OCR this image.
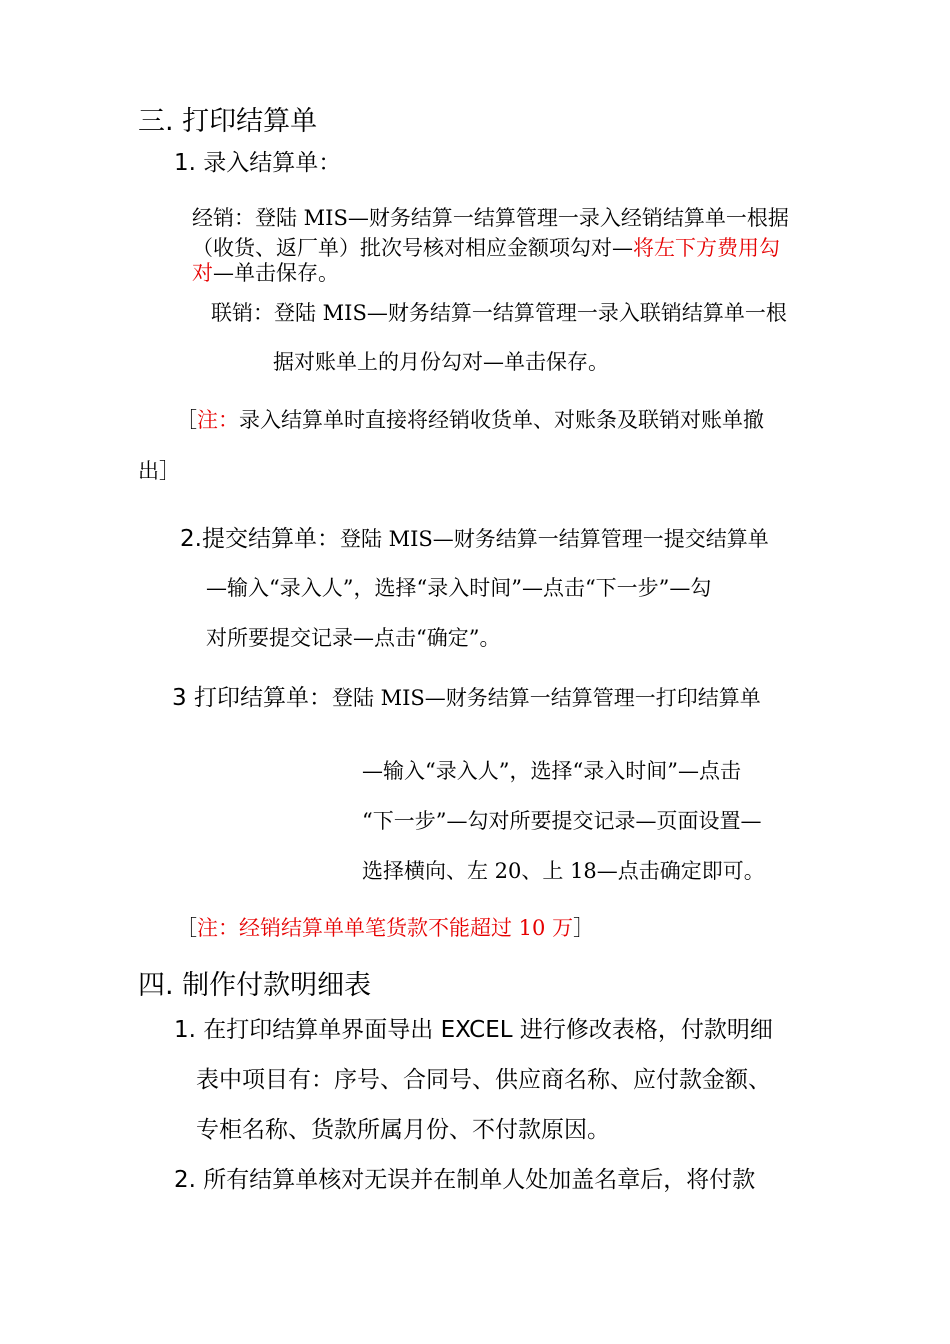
三. 打印结算单
1. 录入结算单：
经销：登陆 MIS—财务结算一结算管理一录入经销结算单一根据
（收货、返厂单）批次号核对相应金额项勾对—将左下方费用勾
对—单击保存。
联销：登陆 MIS—财务结算一结算管理一录入联销结算单一根
据对账单上的月份勾对—单击保存。
［注：录入结算单时直接将经销收货单、对账条及联销对账单撤
出］
2.提交结算单：登陆 MIS—财务结算一结算管理一提交结算单
—输入“录入人”，选择“录入时间”—点击“下一步”—勾
对所要提交记录—点击“确定”。
3 打印结算单：登陆 MIS—财务结算一结算管理一打印结算单
—输入“录入人”，选择“录入时间”—点击
“下一步”—勾对所要提交记录—页面设置—
选择横向、左 20、上 18—点击确定即可。
［注：经销结算单单笔货款不能超过 10 万］
四. 制作付款明细表
1. 在打印结算单界面导出 EXCEL 进行修改表格，付款明细
表中项目有：序号、合同号、供应商名称、应付款金额、
专柜名称、货款所属月份、不付款原因。
2. 所有结算单核对无误并在制单人处加盖名章后，将付款
